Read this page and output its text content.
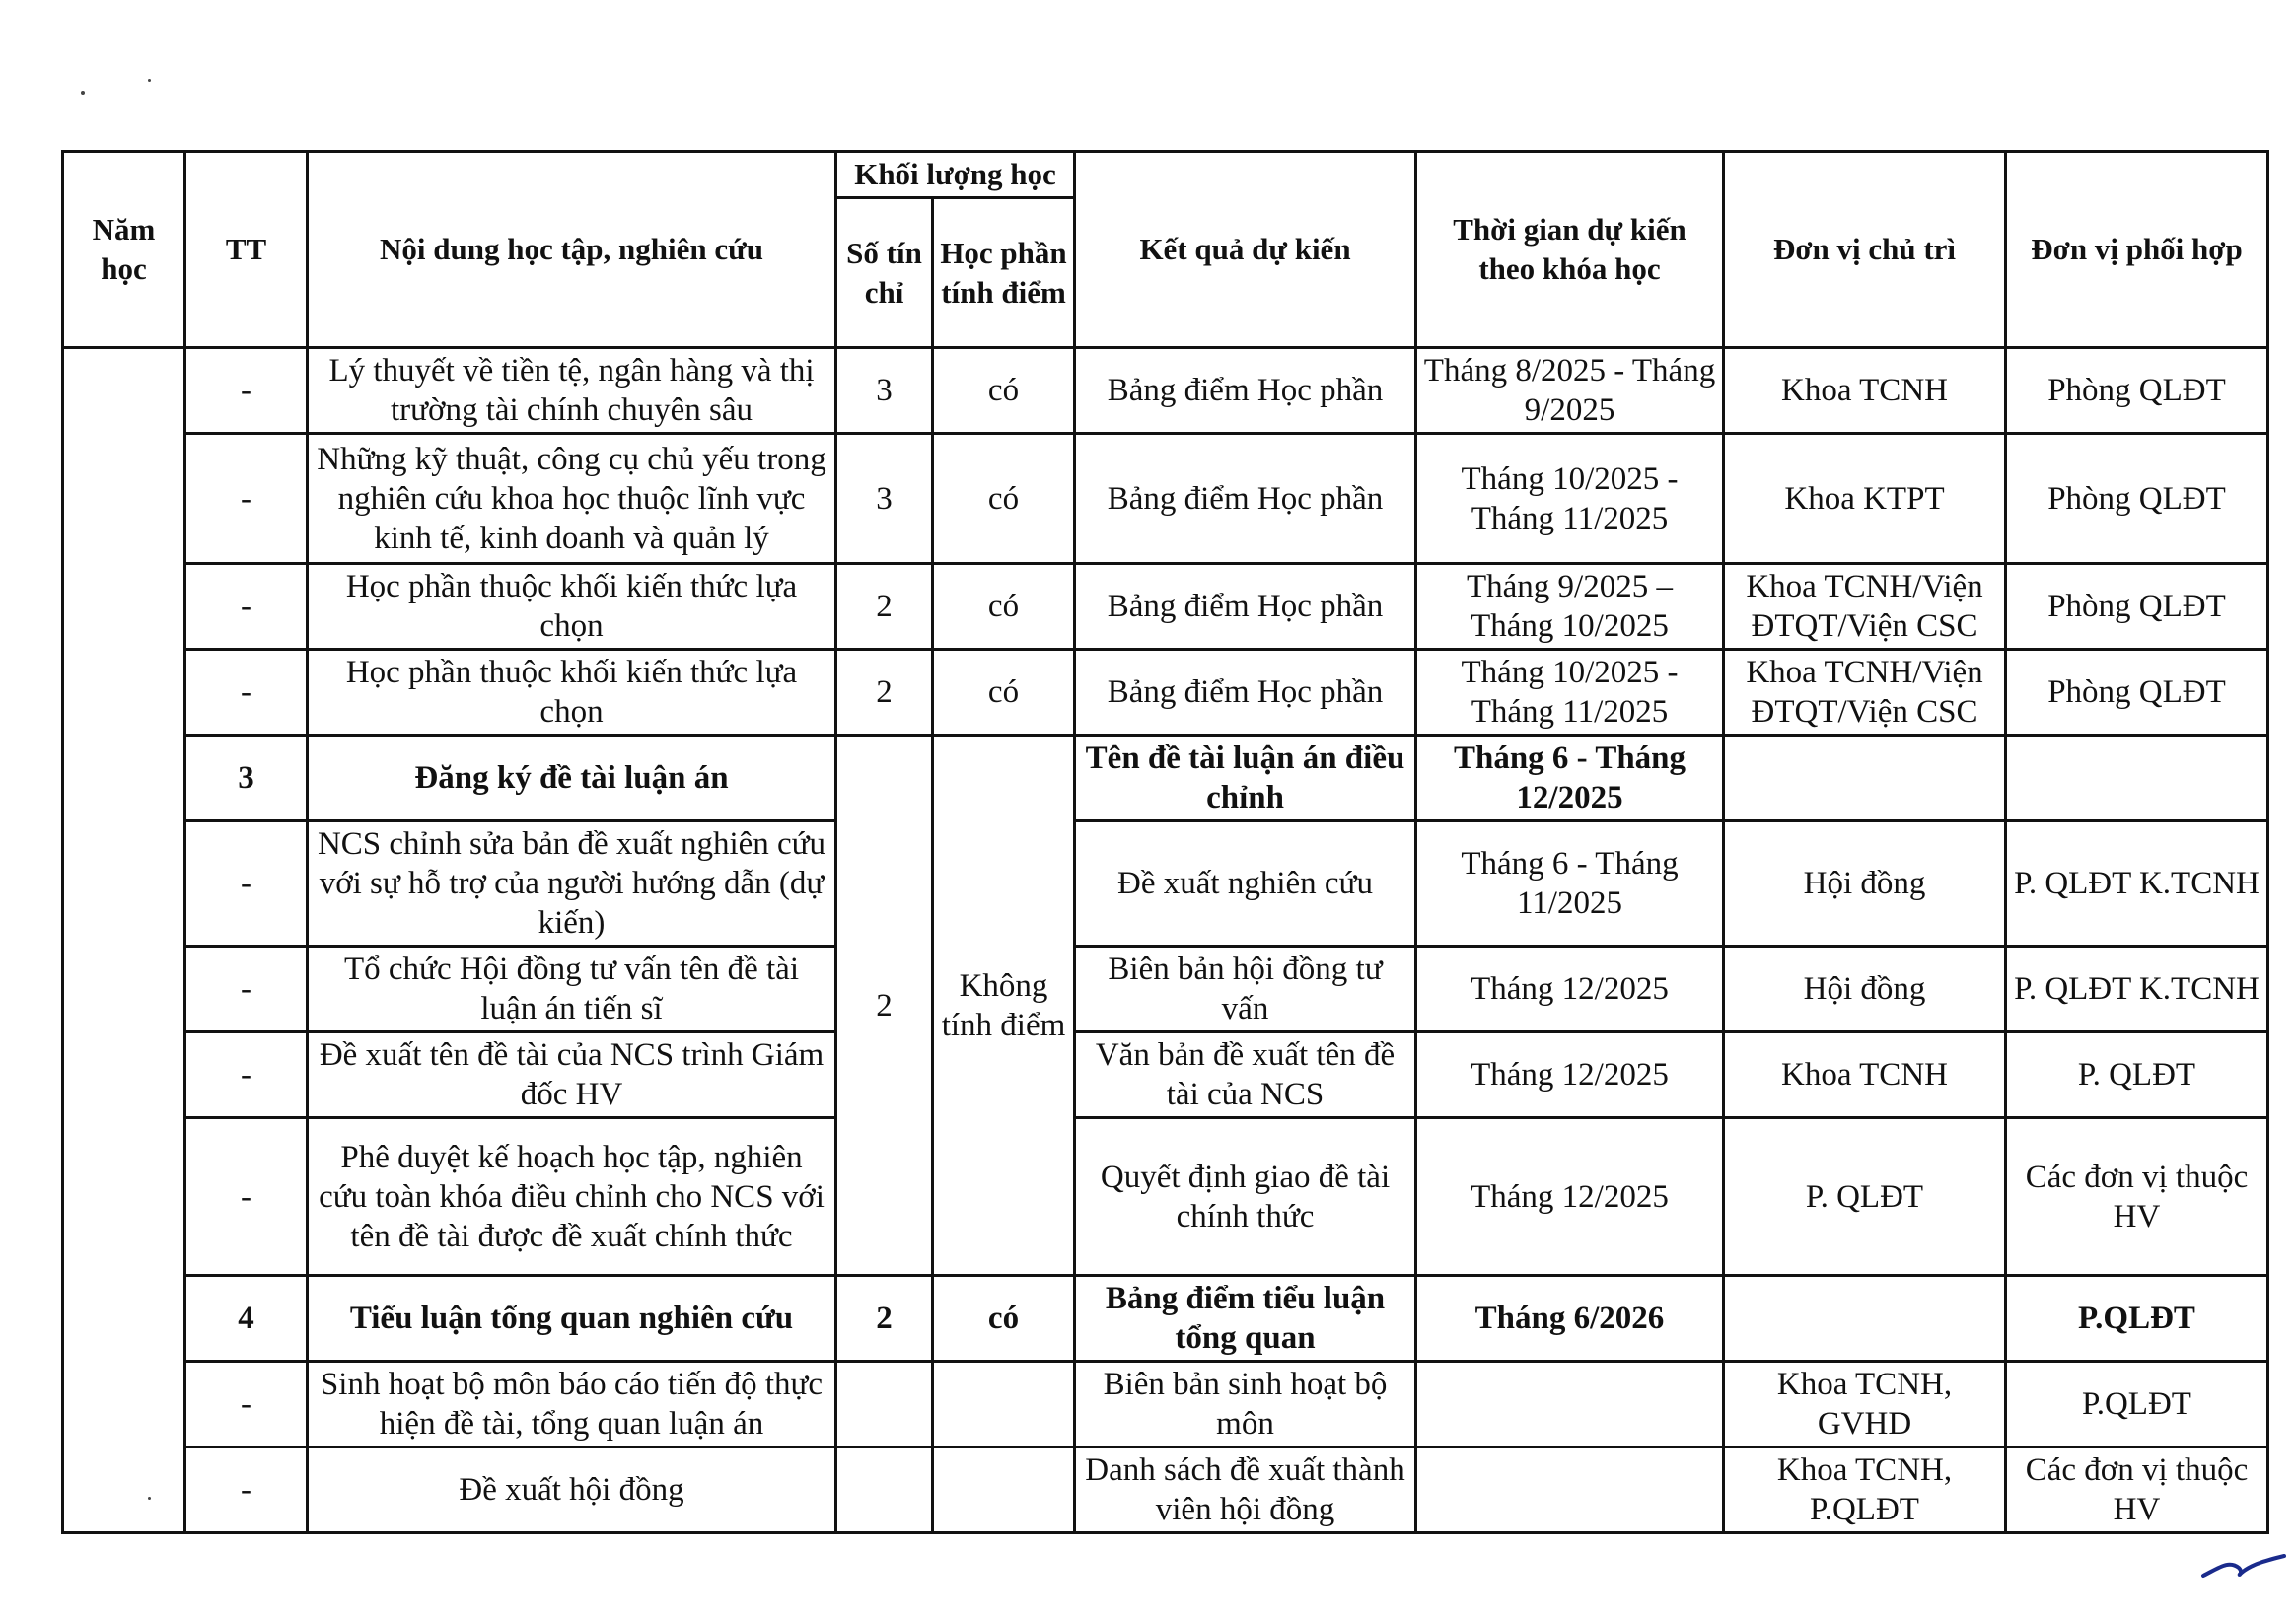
Năm học	TT	Nội dung học tập, nghiên cứu	Khối lượng học		Kết quả dự kiến	Thời gian dự kiến theo khóa học	Đơn vị chủ trì	Đơn vị phối hợp
			Số tín chỉ	Học phần tính điểm				
	-	Lý thuyết về tiền tệ, ngân hàng và thị trường tài chính chuyên sâu	3	có	Bảng điểm Học phần	Tháng 8/2025 - Tháng 9/2025	Khoa TCNH	Phòng QLĐT
	-	Những kỹ thuật, công cụ chủ yếu trong nghiên cứu khoa học thuộc lĩnh vực kinh tế, kinh doanh và quản lý	3	có	Bảng điểm Học phần	Tháng 10/2025 - Tháng 11/2025	Khoa KTPT	Phòng QLĐT
	-	Học phần thuộc khối kiến thức lựa chọn	2	có	Bảng điểm Học phần	Tháng 9/2025 – Tháng 10/2025	Khoa TCNH/Viện ĐTQT/Viện CSC	Phòng QLĐT
	-	Học phần thuộc khối kiến thức lựa chọn	2	có	Bảng điểm Học phần	Tháng 10/2025 - Tháng 11/2025	Khoa TCNH/Viện ĐTQT/Viện CSC	Phòng QLĐT
	3	Đăng ký đề tài luận án	2	Không tính điểm	Tên đề tài luận án điều chỉnh	Tháng 6 - Tháng 12/2025		
	-	NCS chỉnh sửa bản đề xuất nghiên cứu với sự hỗ trợ của người hướng dẫn (dự kiến)			Đề xuất nghiên cứu	Tháng 6 - Tháng 11/2025	Hội đồng	P. QLĐT K.TCNH
	-	Tổ chức Hội đồng tư vấn tên đề tài luận án tiến sĩ			Biên bản hội đồng tư vấn	Tháng 12/2025	Hội đồng	P. QLĐT K.TCNH
	-	Đề xuất tên đề tài của NCS trình Giám đốc HV			Văn bản đề xuất tên đề tài của NCS	Tháng 12/2025	Khoa TCNH	P. QLĐT
	-	Phê duyệt kế hoạch học tập, nghiên cứu toàn khóa điều chỉnh cho NCS với tên đề tài được đề xuất chính thức			Quyết định giao đề tài chính thức	Tháng 12/2025	P. QLĐT	Các đơn vị thuộc HV
	4	Tiểu luận tổng quan nghiên cứu	2	có	Bảng điểm tiểu luận tổng quan	Tháng 6/2026		P.QLĐT
	-	Sinh hoạt bộ môn báo cáo tiến độ thực hiện đề tài, tổng quan luận án			Biên bản sinh hoạt bộ môn		Khoa TCNH, GVHD	P.QLĐT
	-	Đề xuất hội đồng			Danh sách đề xuất thành viên hội đồng		Khoa TCNH, P.QLĐT	Các đơn vị thuộc HV
